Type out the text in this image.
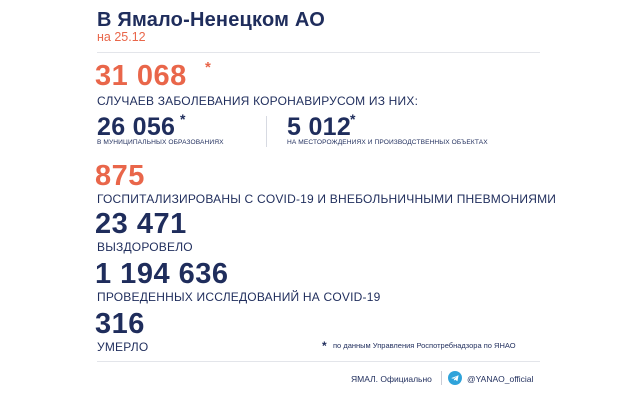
В Ямало-Ненецком АО
на 25.12
31 068 *
СЛУЧАЕВ ЗАБОЛЕВАНИЯ КОРОНАВИРУСОМ ИЗ НИХ:
26 056 *
В МУНИЦИПАЛЬНЫХ ОБРАЗОВАНИЯХ
5 012
*
НА МЕСТОРОЖДЕНИЯХ И ПРОИЗВОДСТВЕННЫХ ОБЪЕКТАХ
875
ГОСПИТАЛИЗИРОВАНЫ С COVID-19 И ВНЕБОЛЬНИЧНЫМИ ПНЕВМОНИЯМИ
23 471
ВЫЗДОРОВЕЛО
1 194 636
ПРОВЕДЕННЫХ ИССЛЕДОВАНИЙ НА COVID-19
316
УМЕРЛО	* по данным Управления Роспотребнадзора по ЯНАО
ЯМАЛ. Официально	@YANAO_official
